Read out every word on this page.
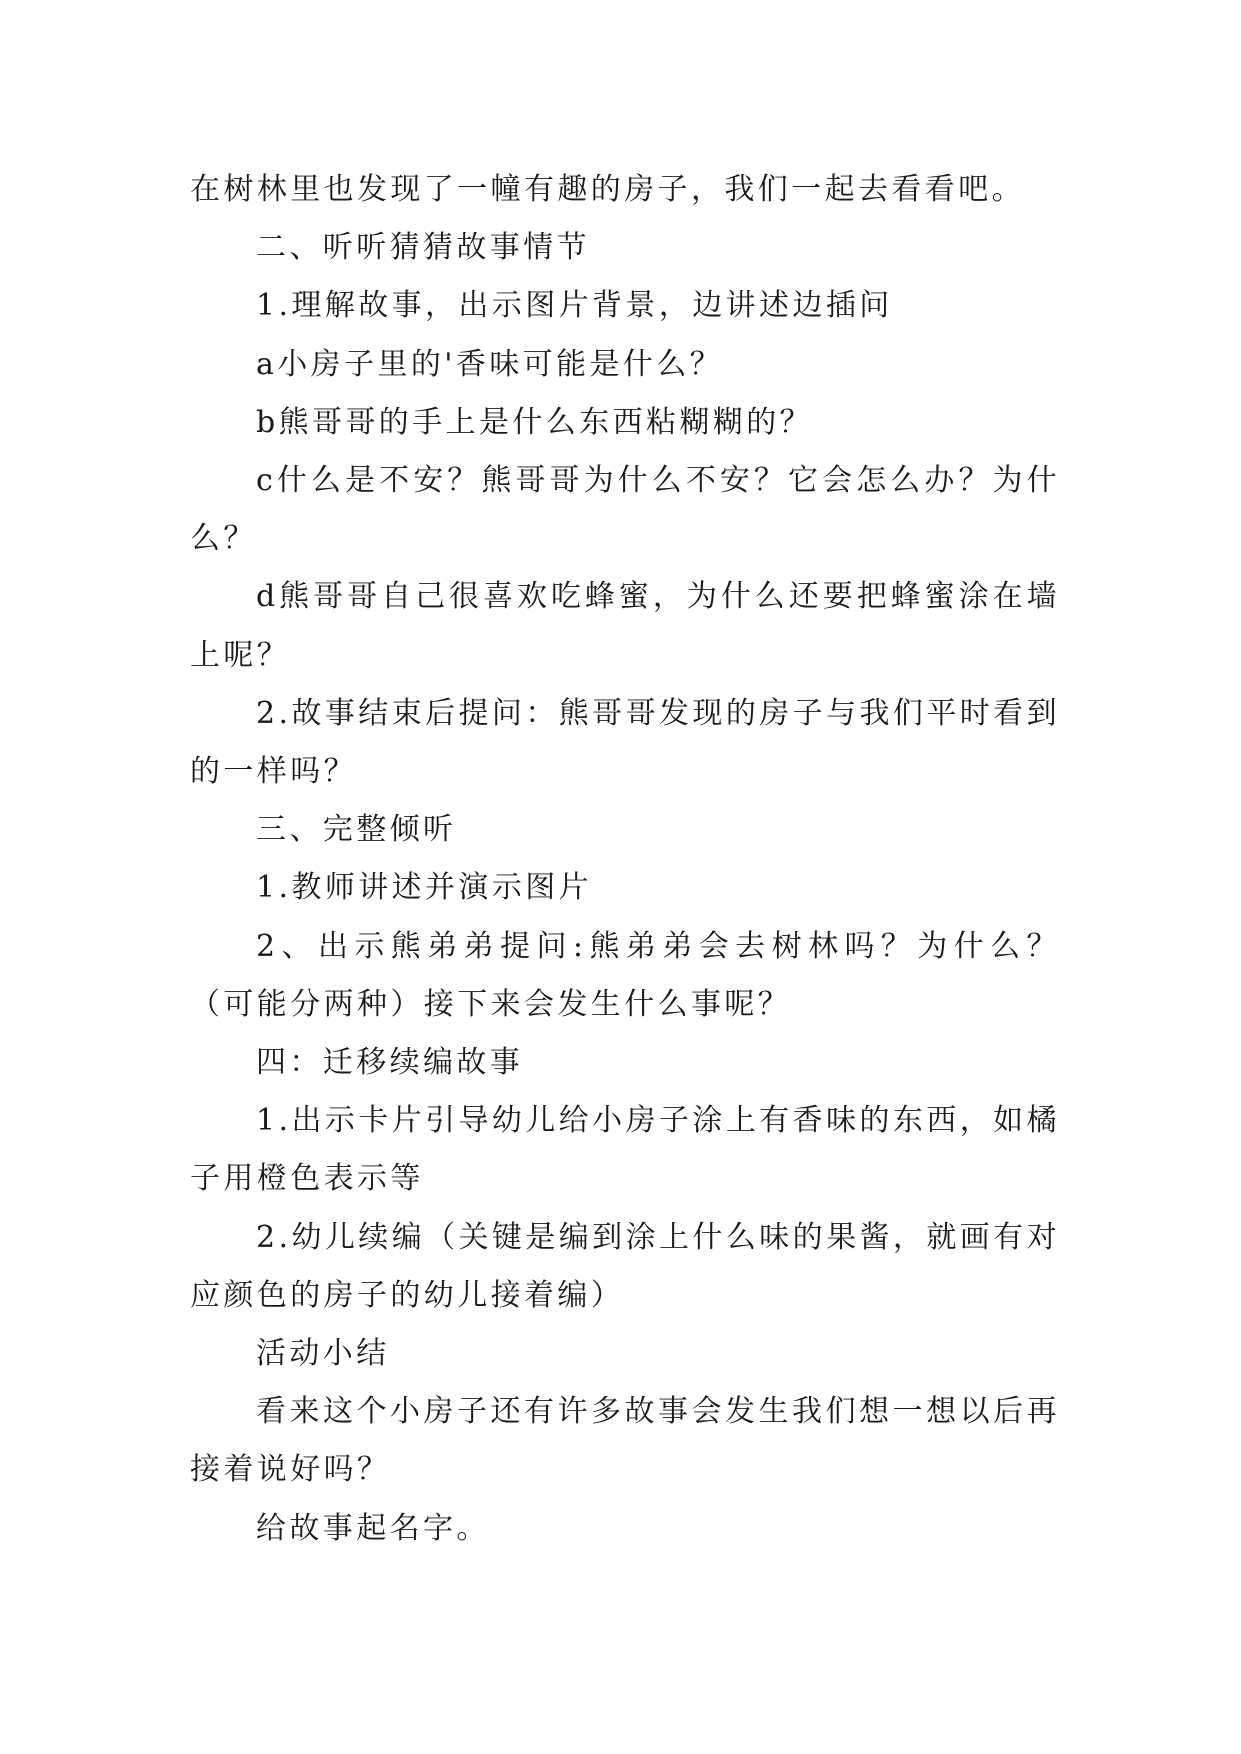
在树林里也发现了一幢有趣的房子，我们一起去看看吧。

二、听听猜猜故事情节

1.理解故事，出示图片背景，边讲述边插问

a小房子里的'香味可能是什么？

b熊哥哥的手上是什么东西粘糊糊的？

c什么是不安？熊哥哥为什么不安？它会怎么办？为什么？

d熊哥哥自己很喜欢吃蜂蜜，为什么还要把蜂蜜涂在墙上呢？

2.故事结束后提问：熊哥哥发现的房子与我们平时看到的一样吗？

三、完整倾听

1.教师讲述并演示图片

2、出示熊弟弟提问:熊弟弟会去树林吗？为什么？（可能分两种）接下来会发生什么事呢？

四：迁移续编故事

1.出示卡片引导幼儿给小房子涂上有香味的东西，如橘子用橙色表示等

2.幼儿续编（关键是编到涂上什么味的果酱，就画有对应颜色的房子的幼儿接着编）

活动小结

看来这个小房子还有许多故事会发生我们想一想以后再接着说好吗？

给故事起名字。
